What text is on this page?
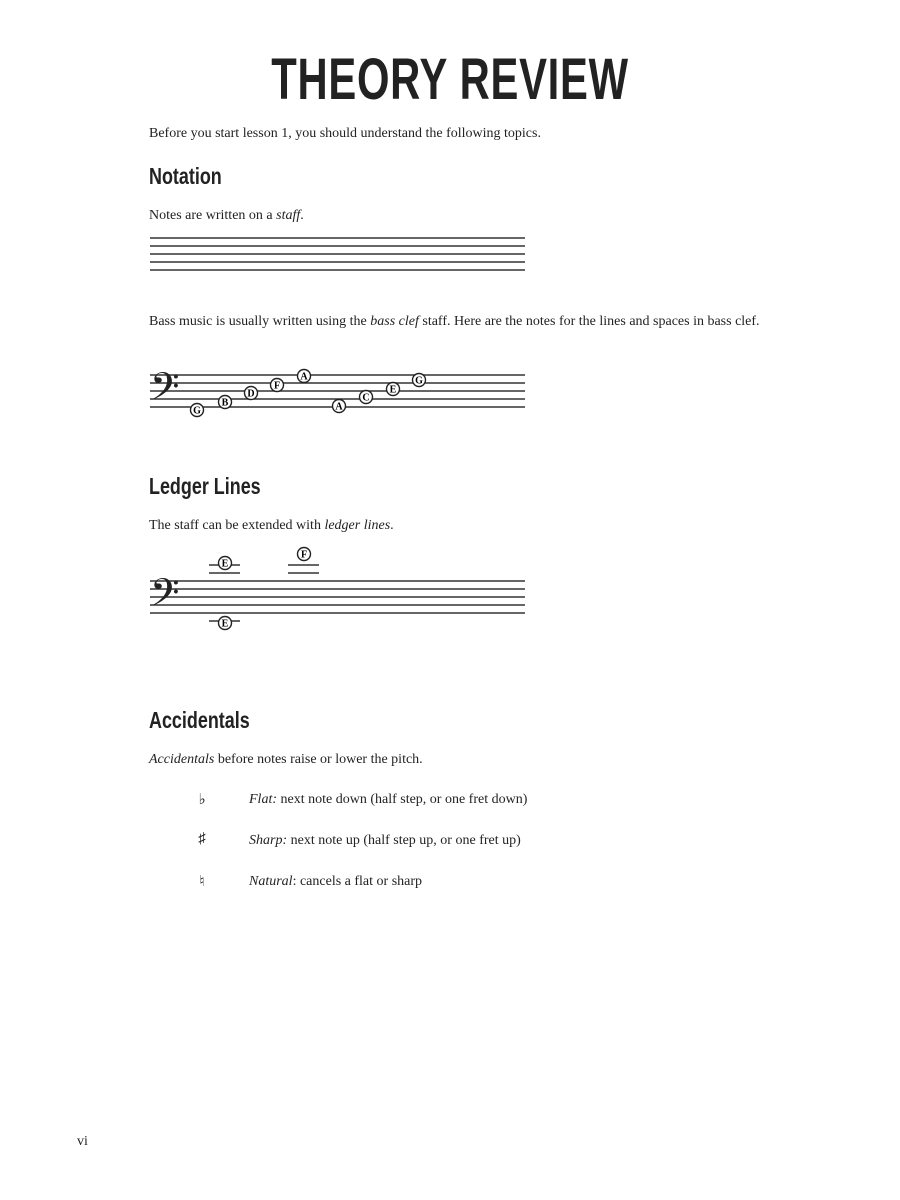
THEORY REVIEW
Before you start lesson 1, you should understand the following topics.
Notation
Notes are written on a staff.
Bass music is usually written using the bass clef staff. Here are the notes for the lines and spaces in bass clef.
Ledger Lines
The staff can be extended with ledger lines.
Accidentals
Accidentals before notes raise or lower the pitch.
♭	Flat: next note down (half step, or one fret down)
♯	Sharp: next note up (half step up, or one fret up)
♮	Natural: cancels a flat or sharp
vi
𝄢 G
B
D
F
A
A
C
E
G
𝄢
E
F
E
